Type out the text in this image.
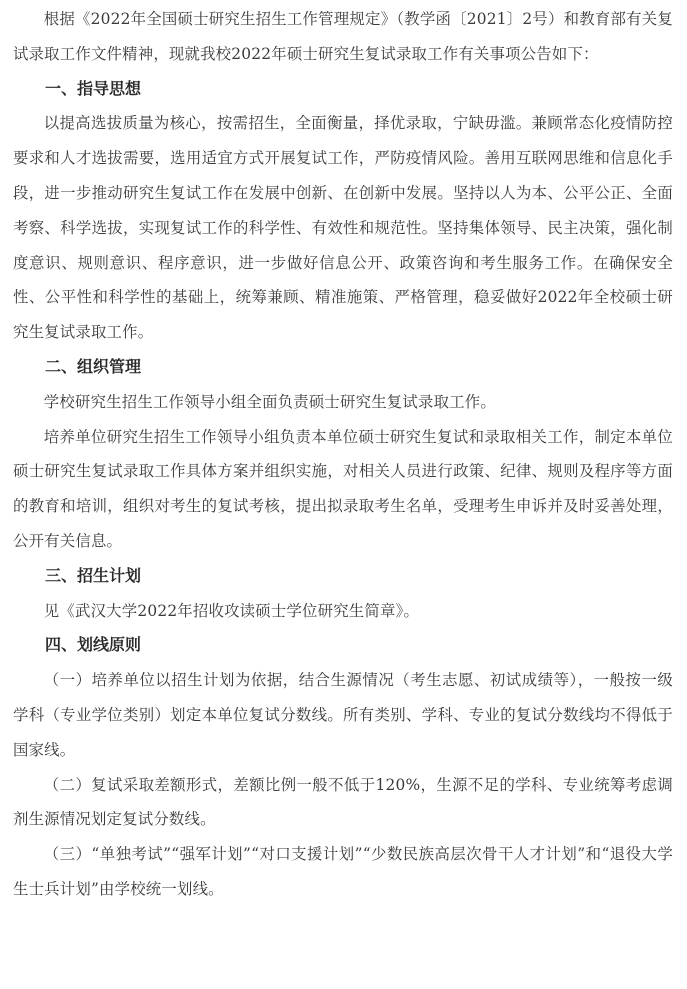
根据《2022年全国硕士研究生招生工作管理规定》（教学函〔2021〕2号）和教育部有关复试录取工作文件精神，现就我校2022年硕士研究生复试录取工作有关事项公告如下：

一、指导思想

以提高选拔质量为核心，按需招生，全面衡量，择优录取，宁缺毋滥。兼顾常态化疫情防控要求和人才选拔需要，选用适宜方式开展复试工作，严防疫情风险。善用互联网思维和信息化手段，进一步推动研究生复试工作在发展中创新、在创新中发展。坚持以人为本、公平公正、全面考察、科学选拔，实现复试工作的科学性、有效性和规范性。坚持集体领导、民主决策，强化制度意识、规则意识、程序意识，进一步做好信息公开、政策咨询和考生服务工作。在确保安全性、公平性和科学性的基础上，统筹兼顾、精准施策、严格管理，稳妥做好2022年全校硕士研究生复试录取工作。

二、组织管理

学校研究生招生工作领导小组全面负责硕士研究生复试录取工作。

培养单位研究生招生工作领导小组负责本单位硕士研究生复试和录取相关工作，制定本单位硕士研究生复试录取工作具体方案并组织实施，对相关人员进行政策、纪律、规则及程序等方面的教育和培训，组织对考生的复试考核，提出拟录取考生名单，受理考生申诉并及时妥善处理，公开有关信息。

三、招生计划

见《武汉大学2022年招收攻读硕士学位研究生简章》。

四、划线原则

（一）培养单位以招生计划为依据，结合生源情况（考生志愿、初试成绩等），一般按一级学科（专业学位类别）划定本单位复试分数线。所有类别、学科、专业的复试分数线均不得低于国家线。

（二）复试采取差额形式，差额比例一般不低于120%，生源不足的学科、专业统筹考虑调剂生源情况划定复试分数线。

（三）“单独考试”“强军计划”“对口支援计划”“少数民族高层次骨干人才计划”和“退役大学生士兵计划”由学校统一划线。
